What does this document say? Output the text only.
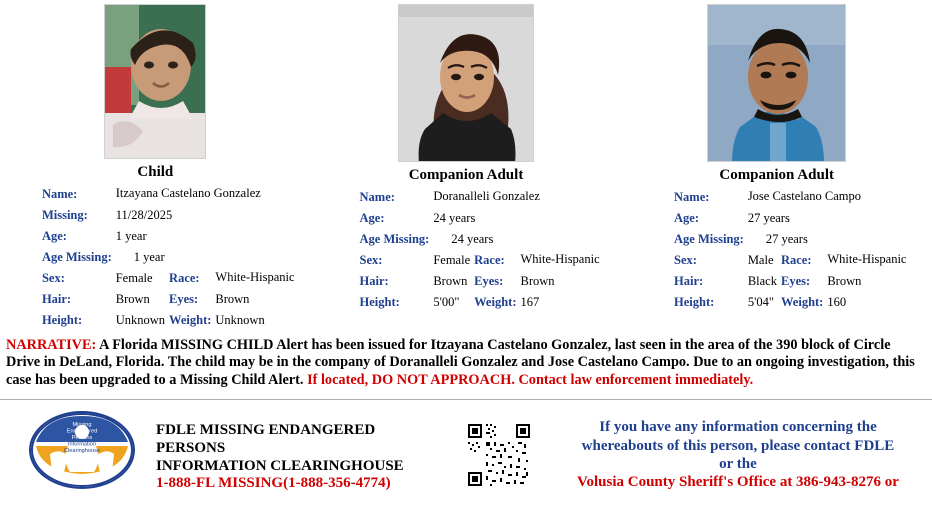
Child
Name:	Itzayana Castelano Gonzalez		
Missing:	11/28/2025		
Age:	1 year		
Age Missing:	1 year		
Sex:	Female	Race:	White-Hispanic
Hair:	Brown	Eyes:	Brown
Height:	Unknown	Weight:	Unknown
Companion Adult
Name:	Doranalleli Gonzalez		
Age:	24 years		
Age Missing:	24 years		
Sex:	Female	Race:	White-Hispanic
Hair:	Brown	Eyes:	Brown
Height:	5'00"	Weight:	167
Companion Adult
Name:	Jose Castelano Campo		
Age:	27 years		
Age Missing:	27 years		
Sex:	Male	Race:	White-Hispanic
Hair:	Black	Eyes:	Brown
Height:	5'04"	Weight:	160
NARRATIVE: A Florida MISSING CHILD Alert has been issued for Itzayana Castelano Gonzalez, last seen in the area of the 390 block of Circle Drive in DeLand, Florida. The child may be in the company of Doranalleli Gonzalez and Jose Castelano Campo. Due to an ongoing investigation, this case has been upgraded to a Missing Child Alert. If located, DO NOT APPROACH. Contact law enforcement immediately.
Missing
Endangered
Persons
Information
Clearinghouse
FDLE MISSING ENDANGERED PERSONS
INFORMATION CLEARINGHOUSE
1-888-FL MISSING(1-888-356-4774)
If you have any information concerning the
whereabouts of this person, please contact FDLE
or the
Volusia County Sheriff's Office at 386-943-8276 or
